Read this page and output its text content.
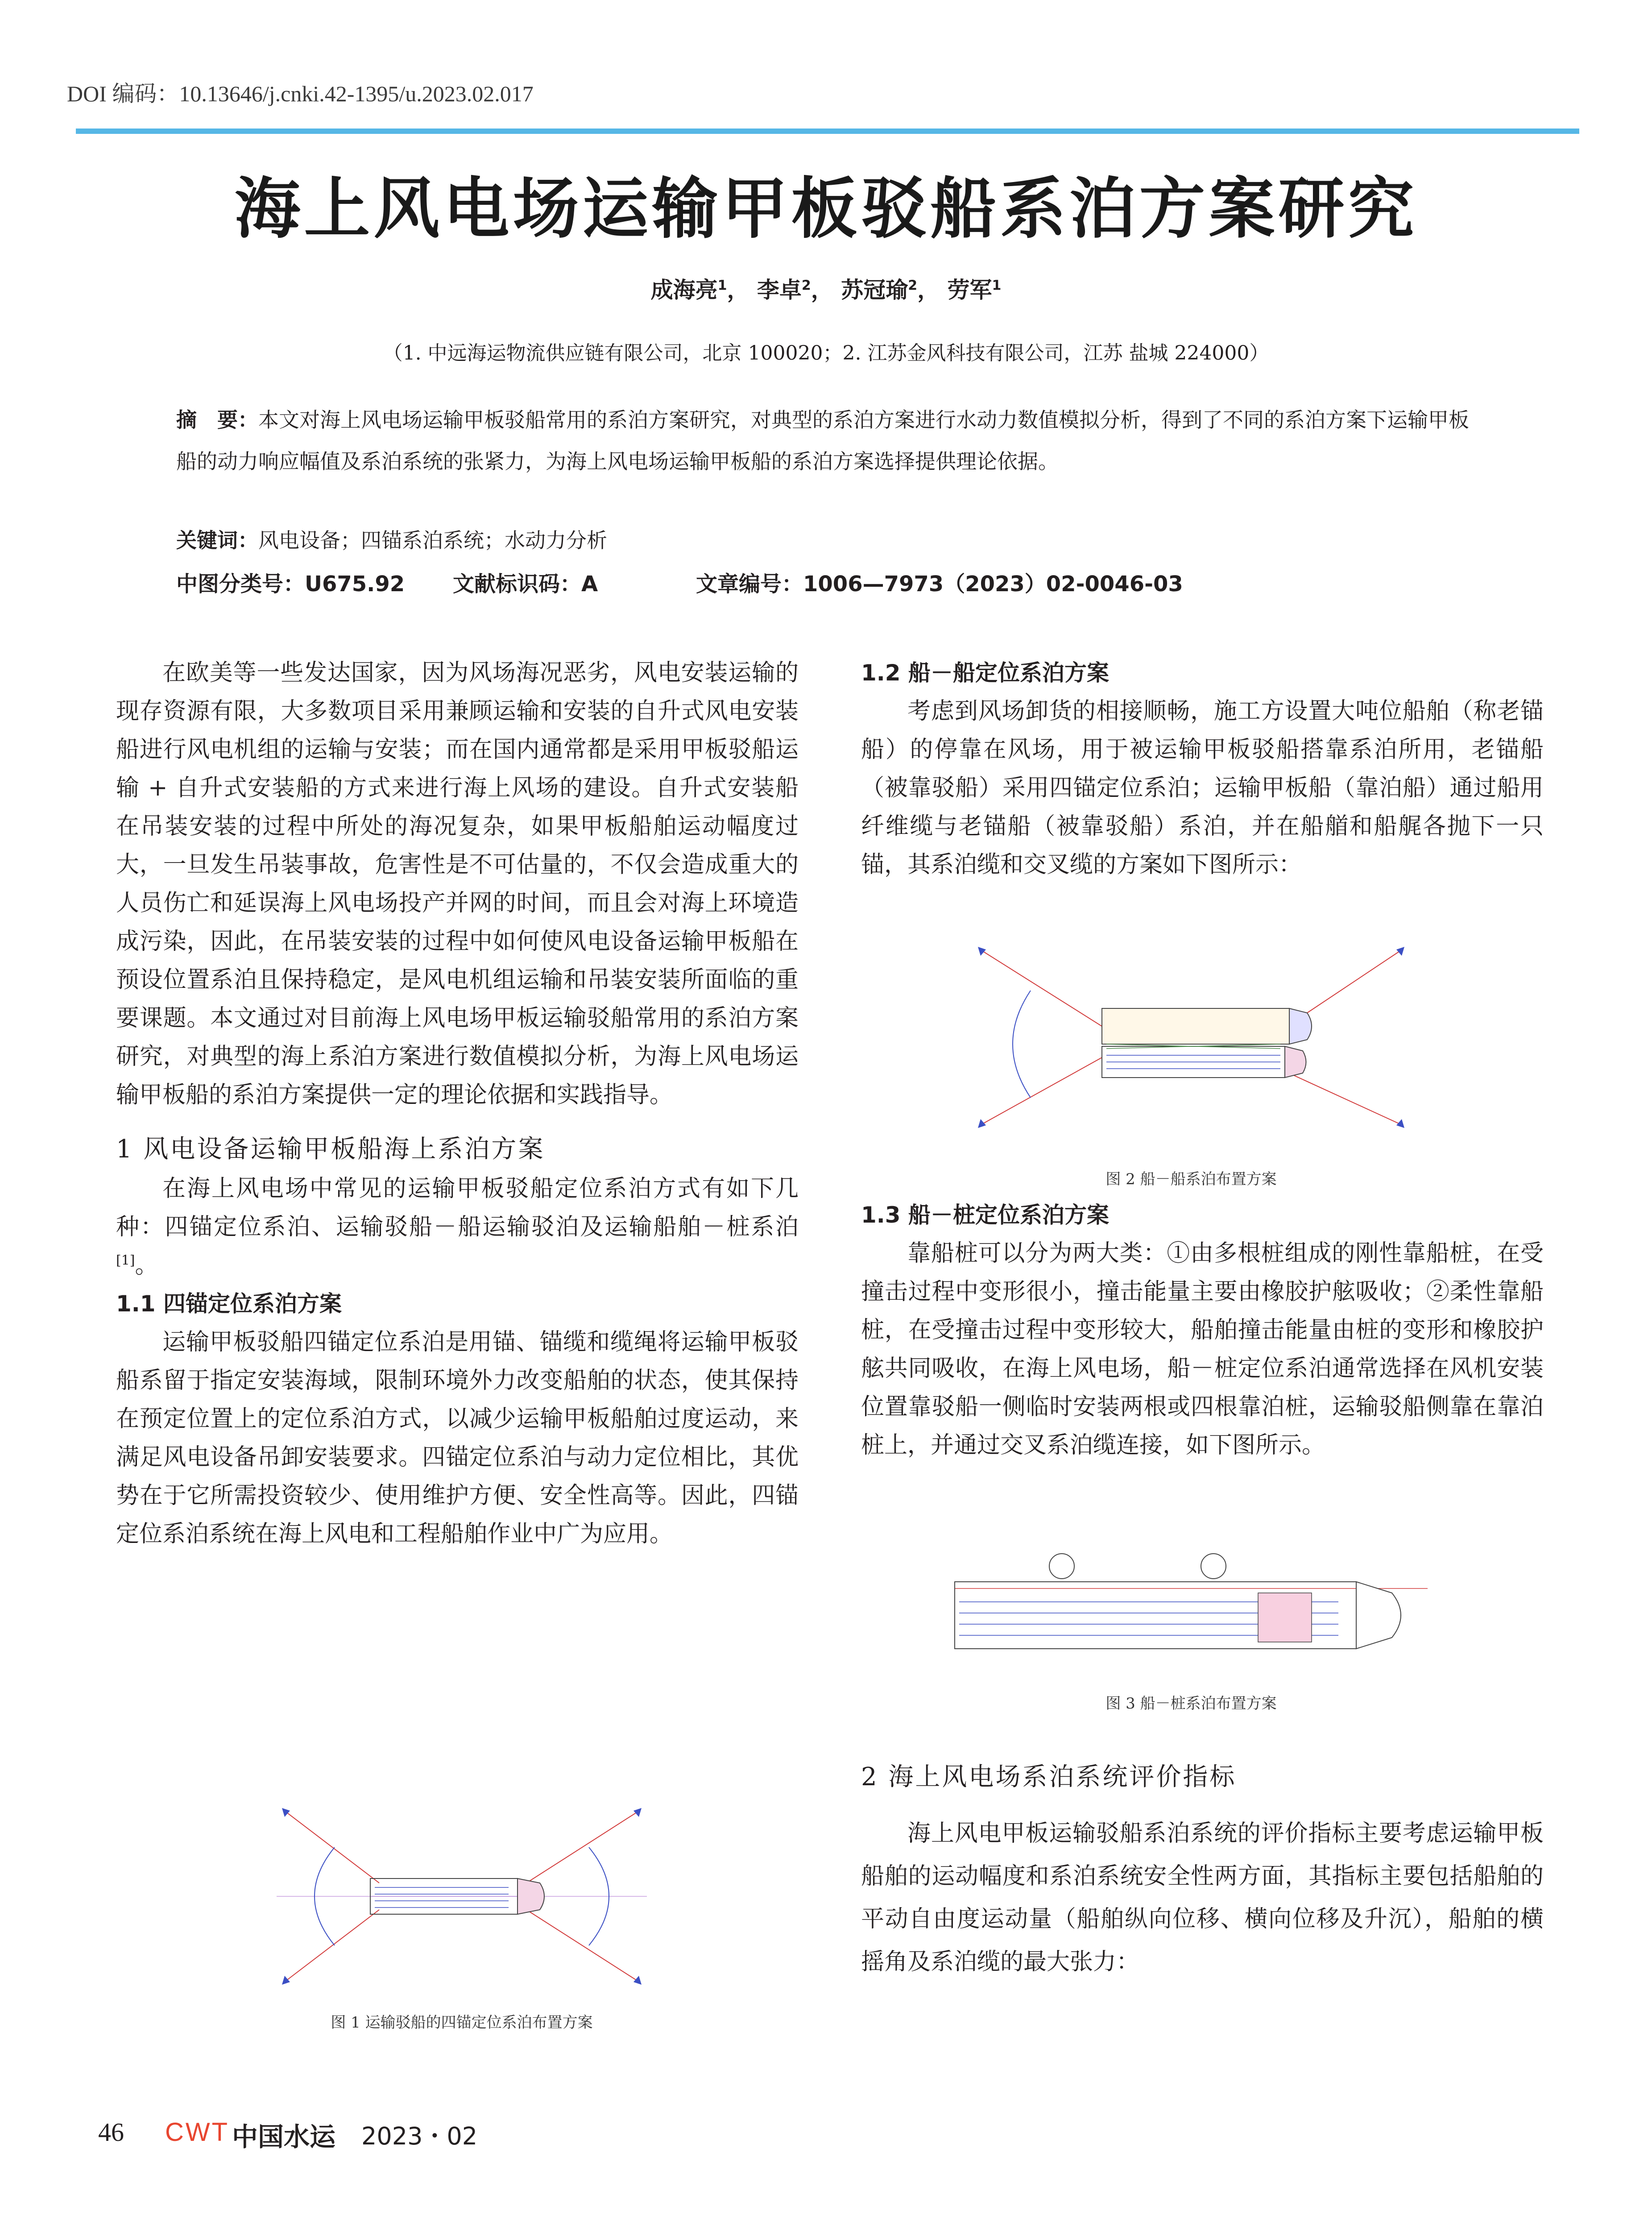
DOI 编码：10.13646/j.cnki.42-1395/u.2023.02.017
海上风电场运输甲板驳船系泊方案研究
成海亮$^1$， 李卓$^2$， 苏冠瑜$^2$， 劳军$^1$
（1. 中远海运物流供应链有限公司，北京 100020；2. 江苏金风科技有限公司，江苏 盐城 224000）
摘　要：本文对海上风电场运输甲板驳船常用的系泊方案研究，对典型的系泊方案进行水动力数值模拟分析，得到了不同的系泊方案下运输甲板船的动力响应幅值及系泊系统的张紧力，为海上风电场运输甲板船的系泊方案选择提供理论依据。
关键词：风电设备；四锚系泊系统；水动力分析
中图分类号：U675.92 文献标识码：A	文章编号：1006—7973（2023）02-0046-03

在欧美等一些发达国家，因为风场海况恶劣，风电安装运输的现存资源有限，大多数项目采用兼顾运输和安装的自升式风电安装船进行风电机组的运输与安装；而在国内通常都是采用甲板驳船运输 + 自升式安装船的方式来进行海上风场的建设。自升式安装船在吊装安装的过程中所处的海况复杂，如果甲板船舶运动幅度过大，一旦发生吊装事故，危害性是不可估量的，不仅会造成重大的人员伤亡和延误海上风电场投产并网的时间，而且会对海上环境造成污染，因此，在吊装安装的过程中如何使风电设备运输甲板船在预设位置系泊且保持稳定，是风电机组运输和吊装安装所面临的重要课题。本文通过对目前海上风电场甲板运输驳船常用的系泊方案研究，对典型的海上系泊方案进行数值模拟分析，为海上风电场运输甲板船的系泊方案提供一定的理论依据和实践指导。

1 风电设备运输甲板船海上系泊方案

在海上风电场中常见的运输甲板驳船定位系泊方式有如下几种：四锚定位系泊、运输驳船－船运输驳泊及运输船舶－桩系泊[1]。

1.1 四锚定位系泊方案

运输甲板驳船四锚定位系泊是用锚、锚缆和缆绳将运输甲板驳船系留于指定安装海域，限制环境外力改变船舶的状态，使其保持在预定位置上的定位系泊方式，以减少运输甲板船舶过度运动，来满足风电设备吊卸安装要求。四锚定位系泊与动力定位相比，其优势在于它所需投资较少、使用维护方便、安全性高等。因此，四锚定位系泊系统在海上风电和工程船舶作业中广为应用。

图 1 运输驳船的四锚定位系泊布置方案

1.2 船－船定位系泊方案

考虑到风场卸货的相接顺畅，施工方设置大吨位船舶（称老锚船）的停靠在风场，用于被运输甲板驳船搭靠系泊所用，老锚船（被靠驳船）采用四锚定位系泊；运输甲板船（靠泊船）通过船用纤维缆与老锚船（被靠驳船）系泊，并在船艏和船艉各抛下一只锚，其系泊缆和交叉缆的方案如下图所示：

图 2 船－船系泊布置方案

1.3 船－桩定位系泊方案

靠船桩可以分为两大类：①由多根桩组成的刚性靠船桩，在受撞击过程中变形很小，撞击能量主要由橡胶护舷吸收；②柔性靠船桩，在受撞击过程中变形较大，船舶撞击能量由桩的变形和橡胶护舷共同吸收，在海上风电场，船－桩定位系泊通常选择在风机安装位置靠驳船一侧临时安装两根或四根靠泊桩，运输驳船侧靠在靠泊桩上，并通过交叉系泊缆连接，如下图所示。

图 3 船－桩系泊布置方案

2 海上风电场系泊系统评价指标

海上风电甲板运输驳船系泊系统的评价指标主要考虑运输甲板船舶的运动幅度和系泊系统安全性两方面，其指标主要包括船舶的平动自由度运动量（船舶纵向位移、横向位移及升沉），船舶的横摇角及系泊缆的最大张力：

46 CWT 中国水运 2023・02
